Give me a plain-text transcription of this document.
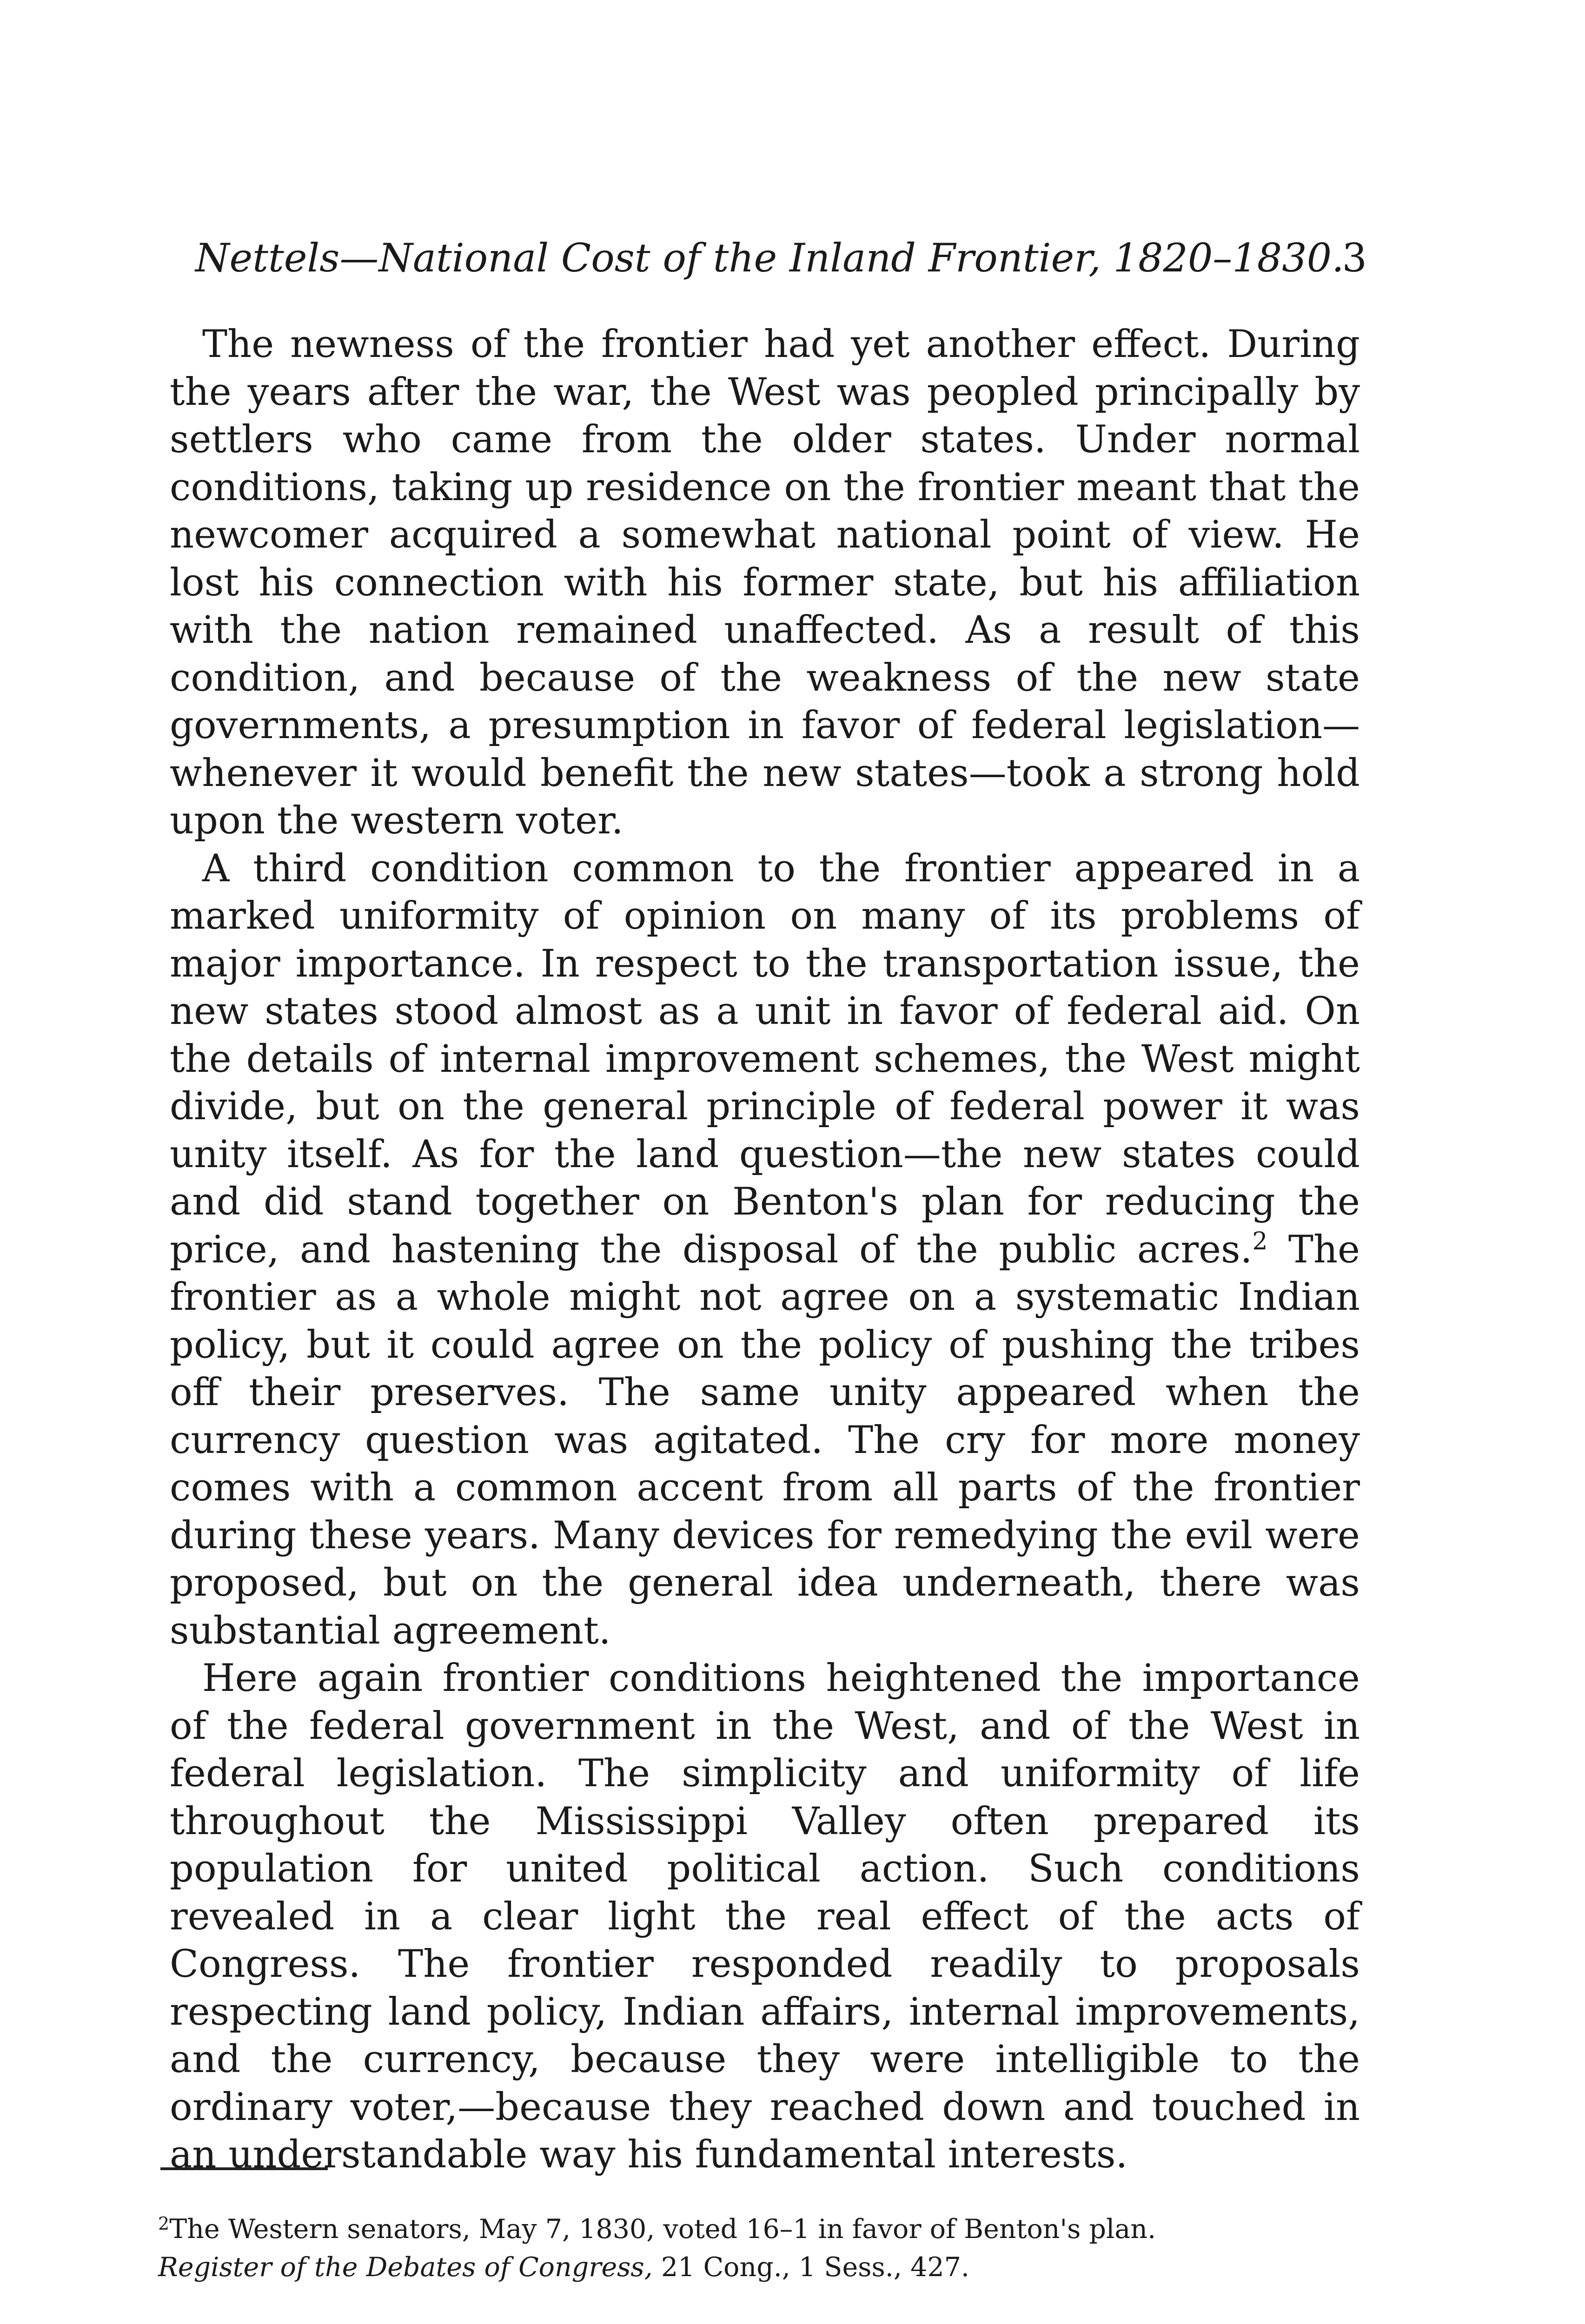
Nettels—National Cost of the Inland Frontier, 1820–1830.
3

The newness of the frontier had yet another effect. During the years after the war, the West was peopled principally by settlers who came from the older states. Under normal conditions, taking up residence on the frontier meant that the newcomer acquired a somewhat national point of view. He lost his connection with his former state, but his affiliation with the nation remained unaffected. As a result of this condition, and because of the weakness of the new state governments, a presumption in favor of federal legislation—whenever it would benefit the new states—took a strong hold upon the western voter.

A third condition common to the frontier appeared in a marked uniformity of opinion on many of its problems of major importance. In respect to the transportation issue, the new states stood almost as a unit in favor of federal aid. On the details of internal improvement schemes, the West might divide, but on the general principle of federal power it was unity itself. As for the land question—the new states could and did stand together on Benton's plan for reducing the price, and hastening the disposal of the public acres.$^2$ The frontier as a whole might not agree on a systematic Indian policy, but it could agree on the policy of pushing the tribes off their preserves. The same unity appeared when the currency question was agitated. The cry for more money comes with a common accent from all parts of the frontier during these years. Many devices for remedying the evil were proposed, but on the general idea underneath, there was substantial agreement.

Here again frontier conditions heightened the importance of the federal government in the West, and of the West in federal legislation. The simplicity and uniformity of life throughout the Mississippi Valley often prepared its population for united political action. Such conditions revealed in a clear light the real effect of the acts of Congress. The frontier responded readily to proposals respecting land policy, Indian affairs, internal improvements, and the currency, because they were intelligible to the ordinary voter,—because they reached down and touched in an understandable way his fundamental interests.

$^2$The Western senators, May 7, 1830, voted 16–1 in favor of Benton's plan.
Register of the Debates of Congress, 21 Cong., 1 Sess., 427.
